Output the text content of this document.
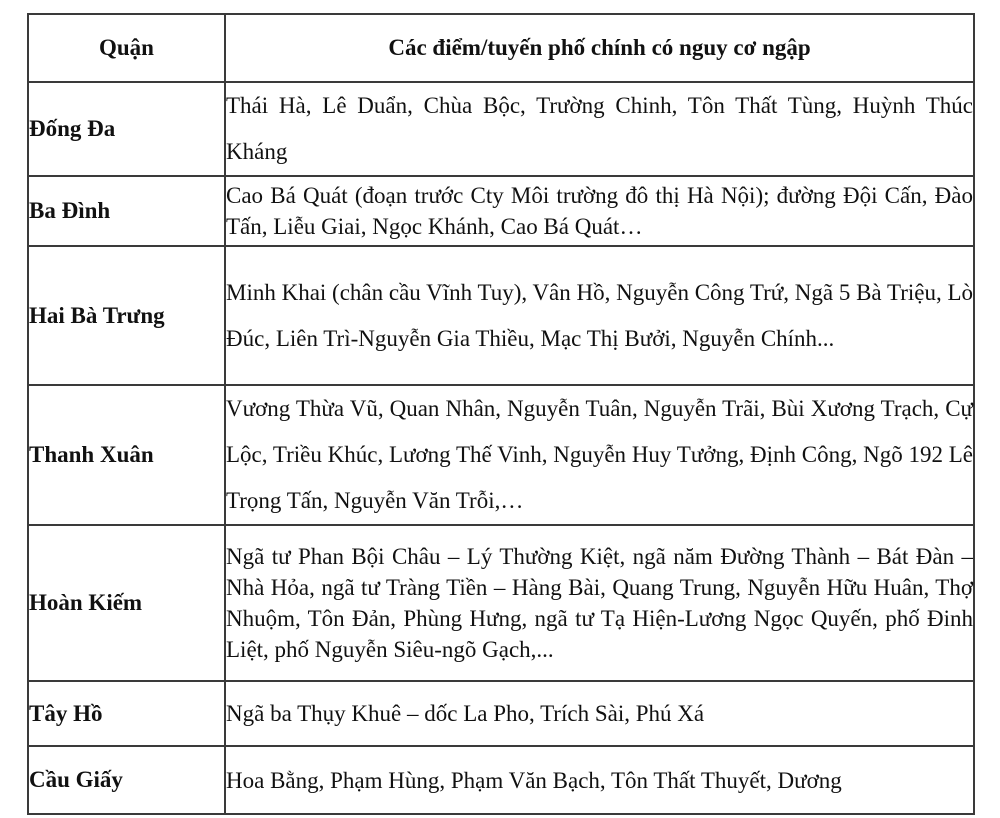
Quận	Các điểm/tuyến phố chính có nguy cơ ngập
Đống Đa	Thái Hà, Lê Duẩn, Chùa Bộc, Trường Chinh, Tôn Thất Tùng, Huỳnh Thúc Kháng
Ba Đình	Cao Bá Quát (đoạn trước Cty Môi trường đô thị Hà Nội); đường Đội Cấn, Đào Tấn, Liễu Giai, Ngọc Khánh, Cao Bá Quát…
Hai Bà Trưng	Minh Khai (chân cầu Vĩnh Tuy), Vân Hồ, Nguyễn Công Trứ, Ngã 5 Bà Triệu, Lò Đúc, Liên Trì-Nguyễn Gia Thiều, Mạc Thị Bưởi, Nguyễn Chính...
Thanh Xuân	Vương Thừa Vũ, Quan Nhân, Nguyễn Tuân, Nguyễn Trãi, Bùi Xương Trạch, Cự Lộc, Triều Khúc, Lương Thế Vinh, Nguyễn Huy Tưởng, Định Công, Ngõ 192 Lê Trọng Tấn, Nguyễn Văn Trỗi,…
Hoàn Kiếm	Ngã tư Phan Bội Châu – Lý Thường Kiệt, ngã năm Đường Thành – Bát Đàn – Nhà Hỏa, ngã tư Tràng Tiền – Hàng Bài, Quang Trung, Nguyễn Hữu Huân, Thợ Nhuộm, Tôn Đản, Phùng Hưng, ngã tư Tạ Hiện-Lương Ngọc Quyến, phố Đinh Liệt, phố Nguyễn Siêu-ngõ Gạch,...
Tây Hồ	Ngã ba Thụy Khuê – dốc La Pho, Trích Sài, Phú Xá
Cầu Giấy	Hoa Bằng, Phạm Hùng, Phạm Văn Bạch, Tôn Thất Thuyết, Dương
